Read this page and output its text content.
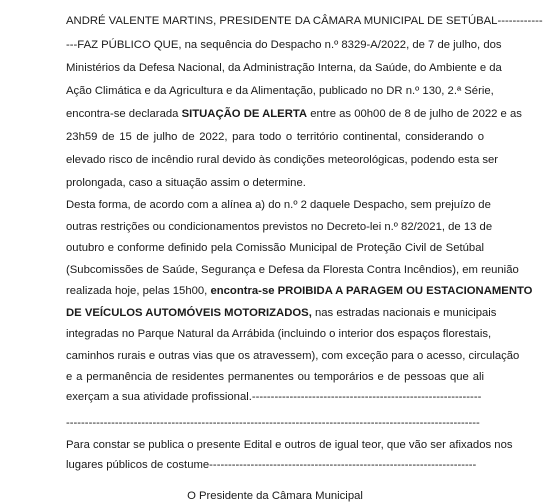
ANDRÉ VALENTE MARTINS, PRESIDENTE DA CÂMARA MUNICIPAL DE SETÚBAL------------
---FAZ PÚBLICO QUE, na sequência do Despacho n.º 8329-A/2022, de 7 de julho, dos
Ministérios da Defesa Nacional, da Administração Interna, da Saúde, do Ambiente e da
Ação Climática e da Agricultura e da Alimentação, publicado no DR n.º 130, 2.ª Série,
encontra-se declarada SITUAÇÃO DE ALERTA entre as 00h00 de 8 de julho de 2022 e as
23h59 de 15 de julho de 2022, para todo o território continental, considerando o
elevado risco de incêndio rural devido às condições meteorológicas, podendo esta ser
prolongada, caso a situação assim o determine.
Desta forma, de acordo com a alínea a) do n.º 2 daquele Despacho, sem prejuízo de
outras restrições ou condicionamentos previstos no Decreto-lei n.º 82/2021, de 13 de
outubro e conforme definido pela Comissão Municipal de Proteção Civil de Setúbal
(Subcomissões de Saúde, Segurança e Defesa da Floresta Contra Incêndios), em reunião
realizada hoje, pelas 15h00, encontra-se PROIBIDA A PARAGEM OU ESTACIONAMENTO
DE VEÍCULOS AUTOMÓVEIS MOTORIZADOS, nas estradas nacionais e municipais
integradas no Parque Natural da Arrábida (incluindo o interior dos espaços florestais,
caminhos rurais e outras vias que os atravessem), com exceção para o acesso, circulação
e a permanência de residentes permanentes ou temporários e de pessoas que ali
exerçam a sua atividade profissional.-------------------------------------------------------------
--------------------------------------------------------------------------------------------------------------
Para constar se publica o presente Edital e outros de igual teor, que vão ser afixados nos
lugares públicos de costume-----------------------------------------------------------------------
O Presidente da Câmara Municipal
